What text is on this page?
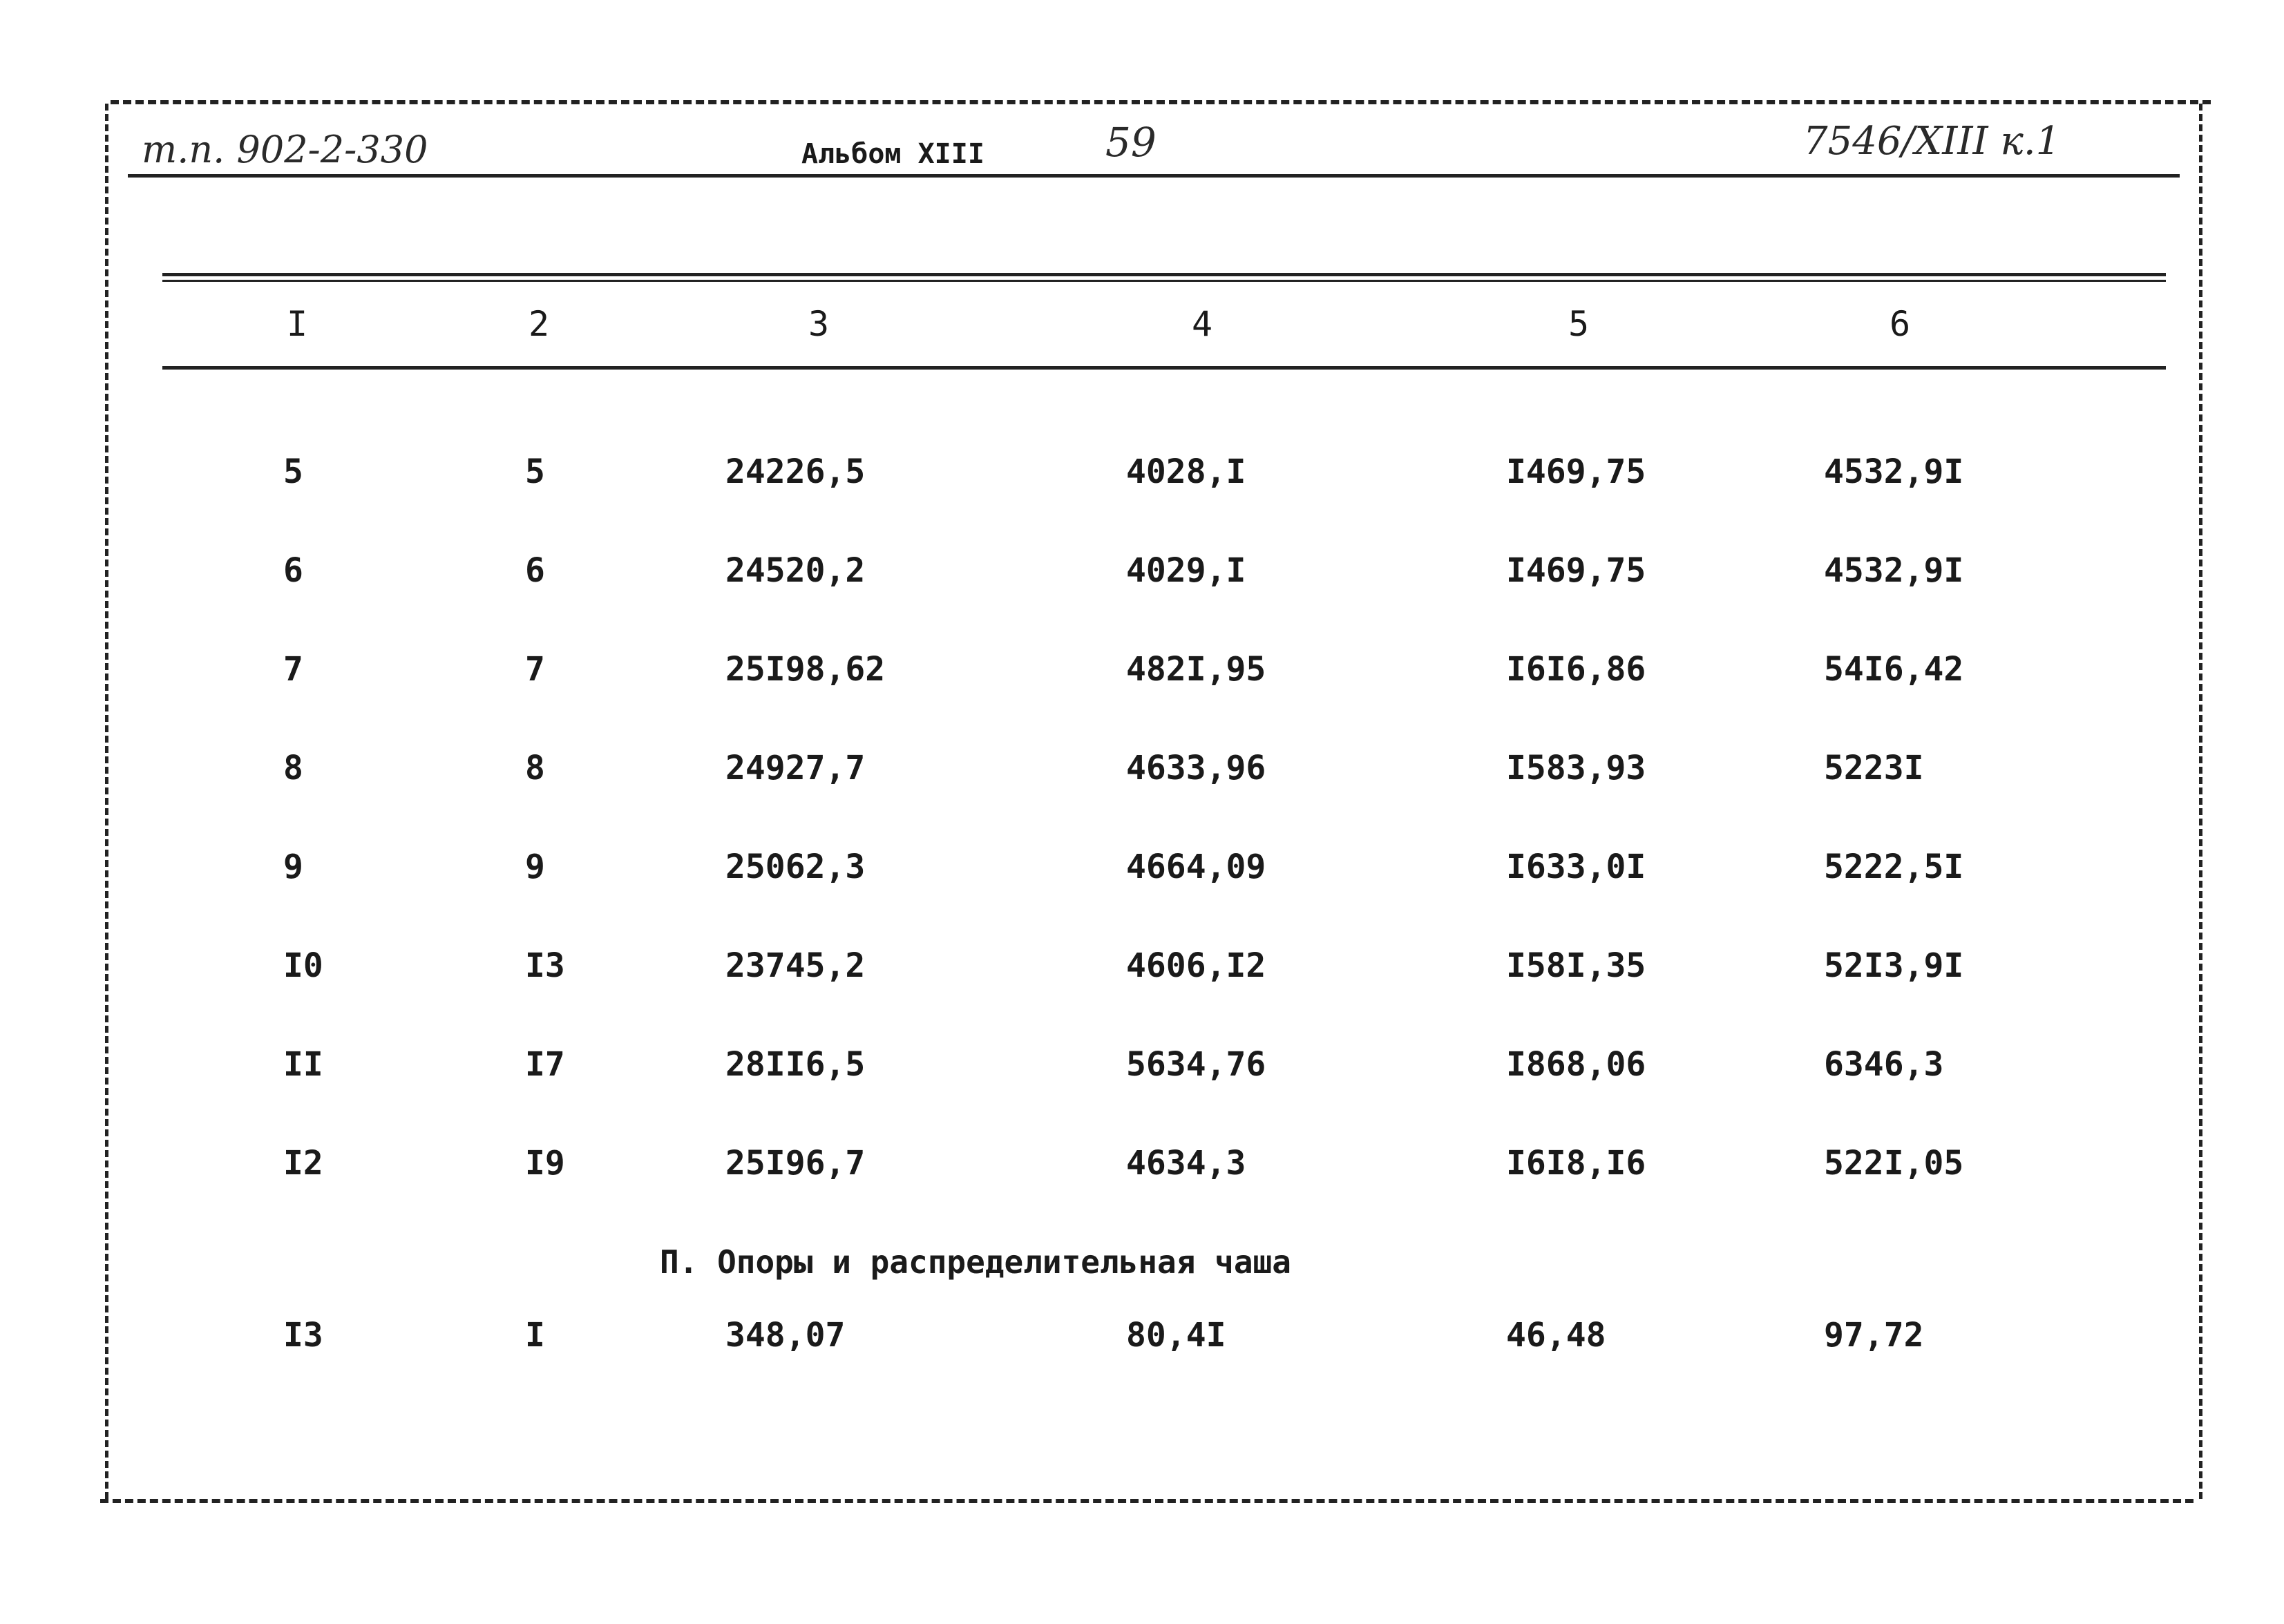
т.п. 902-2-330	Альбом XIII	59	7546/XIII к.1
I	2	3	4	5	6
5	5	24226,5	4028,I	I469,75	4532,9I
6	6	24520,2	4029,I	I469,75	4532,9I
7	7	25I98,62	482I,95	I6I6,86	54I6,42
8	8	24927,7	4633,96	I583,93	5223I
9	9	25062,3	4664,09	I633,0I	5222,5I
I0	I3	23745,2	4606,I2	I58I,35	52I3,9I
II	I7	28II6,5	5634,76	I868,06	6346,3
I2	I9	25I96,7	4634,3	I6I8,I6	522I,05
П. Опоры и распределительная чаша
I3	I	348,07	80,4I	46,48	97,72
